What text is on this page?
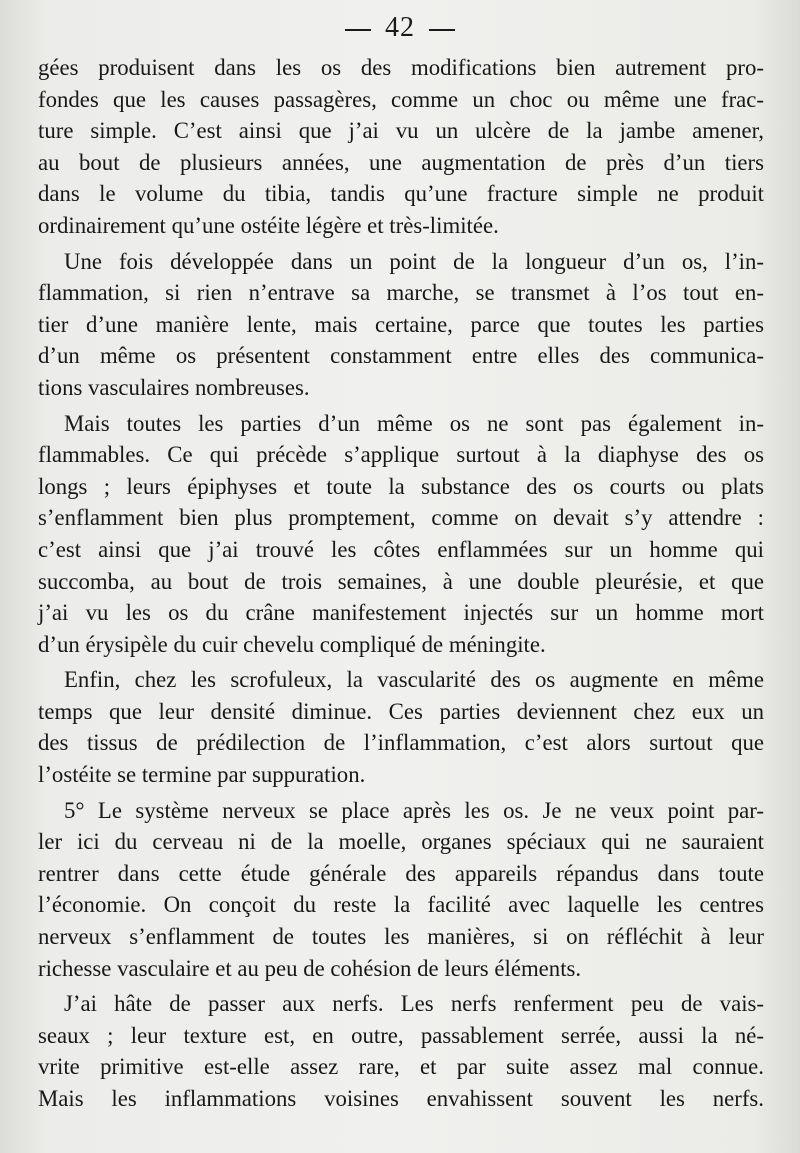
42
gées produisent dans les os des modifications bien autrement pro-
fondes que les causes passagères, comme un choc ou même une frac-
ture simple. C’est ainsi que j’ai vu un ulcère de la jambe amener,
au bout de plusieurs années, une augmentation de près d’un tiers
dans le volume du tibia, tandis qu’une fracture simple ne produit
ordinairement qu’une ostéite légère et très-limitée.
Une fois développée dans un point de la longueur d’un os, l’in-
flammation, si rien n’entrave sa marche, se transmet à l’os tout en-
tier d’une manière lente, mais certaine, parce que toutes les parties
d’un même os présentent constamment entre elles des communica-
tions vasculaires nombreuses.
Mais toutes les parties d’un même os ne sont pas également in-
flammables. Ce qui précède s’applique surtout à la diaphyse des os
longs ; leurs épiphyses et toute la substance des os courts ou plats
s’enflamment bien plus promptement, comme on devait s’y attendre :
c’est ainsi que j’ai trouvé les côtes enflammées sur un homme qui
succomba, au bout de trois semaines, à une double pleurésie, et que
j’ai vu les os du crâne manifestement injectés sur un homme mort
d’un érysipèle du cuir chevelu compliqué de méningite.
Enfin, chez les scrofuleux, la vascularité des os augmente en même
temps que leur densité diminue. Ces parties deviennent chez eux un
des tissus de prédilection de l’inflammation, c’est alors surtout que
l’ostéite se termine par suppuration.
5° Le système nerveux se place après les os. Je ne veux point par-
ler ici du cerveau ni de la moelle, organes spéciaux qui ne sauraient
rentrer dans cette étude générale des appareils répandus dans toute
l’économie. On conçoit du reste la facilité avec laquelle les centres
nerveux s’enflamment de toutes les manières, si on réfléchit à leur
richesse vasculaire et au peu de cohésion de leurs éléments.
J’ai hâte de passer aux nerfs. Les nerfs renferment peu de vais-
seaux ; leur texture est, en outre, passablement serrée, aussi la né-
vrite primitive est-elle assez rare, et par suite assez mal connue.
Mais les inflammations voisines envahissent souvent les nerfs.
